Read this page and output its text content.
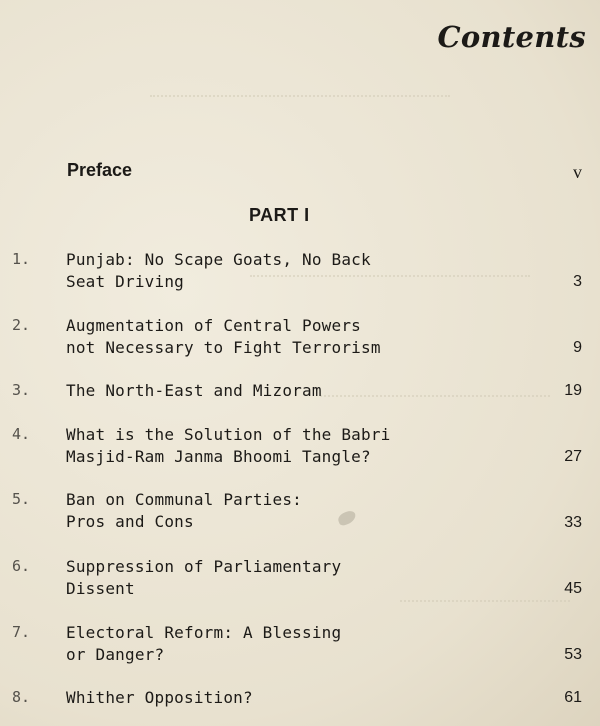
Contents
Preface	v
PART I
1. Punjab: No Scape Goats, No Back
Seat Driving	3
2. Augmentation of Central Powers
not Necessary to Fight Terrorism	9
3. The North-East and Mizoram	19
4. What is the Solution of the Babri
Masjid-Ram Janma Bhoomi Tangle?	27
5. Ban on Communal Parties:
Pros and Cons	33
6. Suppression of Parliamentary
Dissent	45
7. Electoral Reform: A Blessing
or Danger?	53
8. Whither Opposition?	61
